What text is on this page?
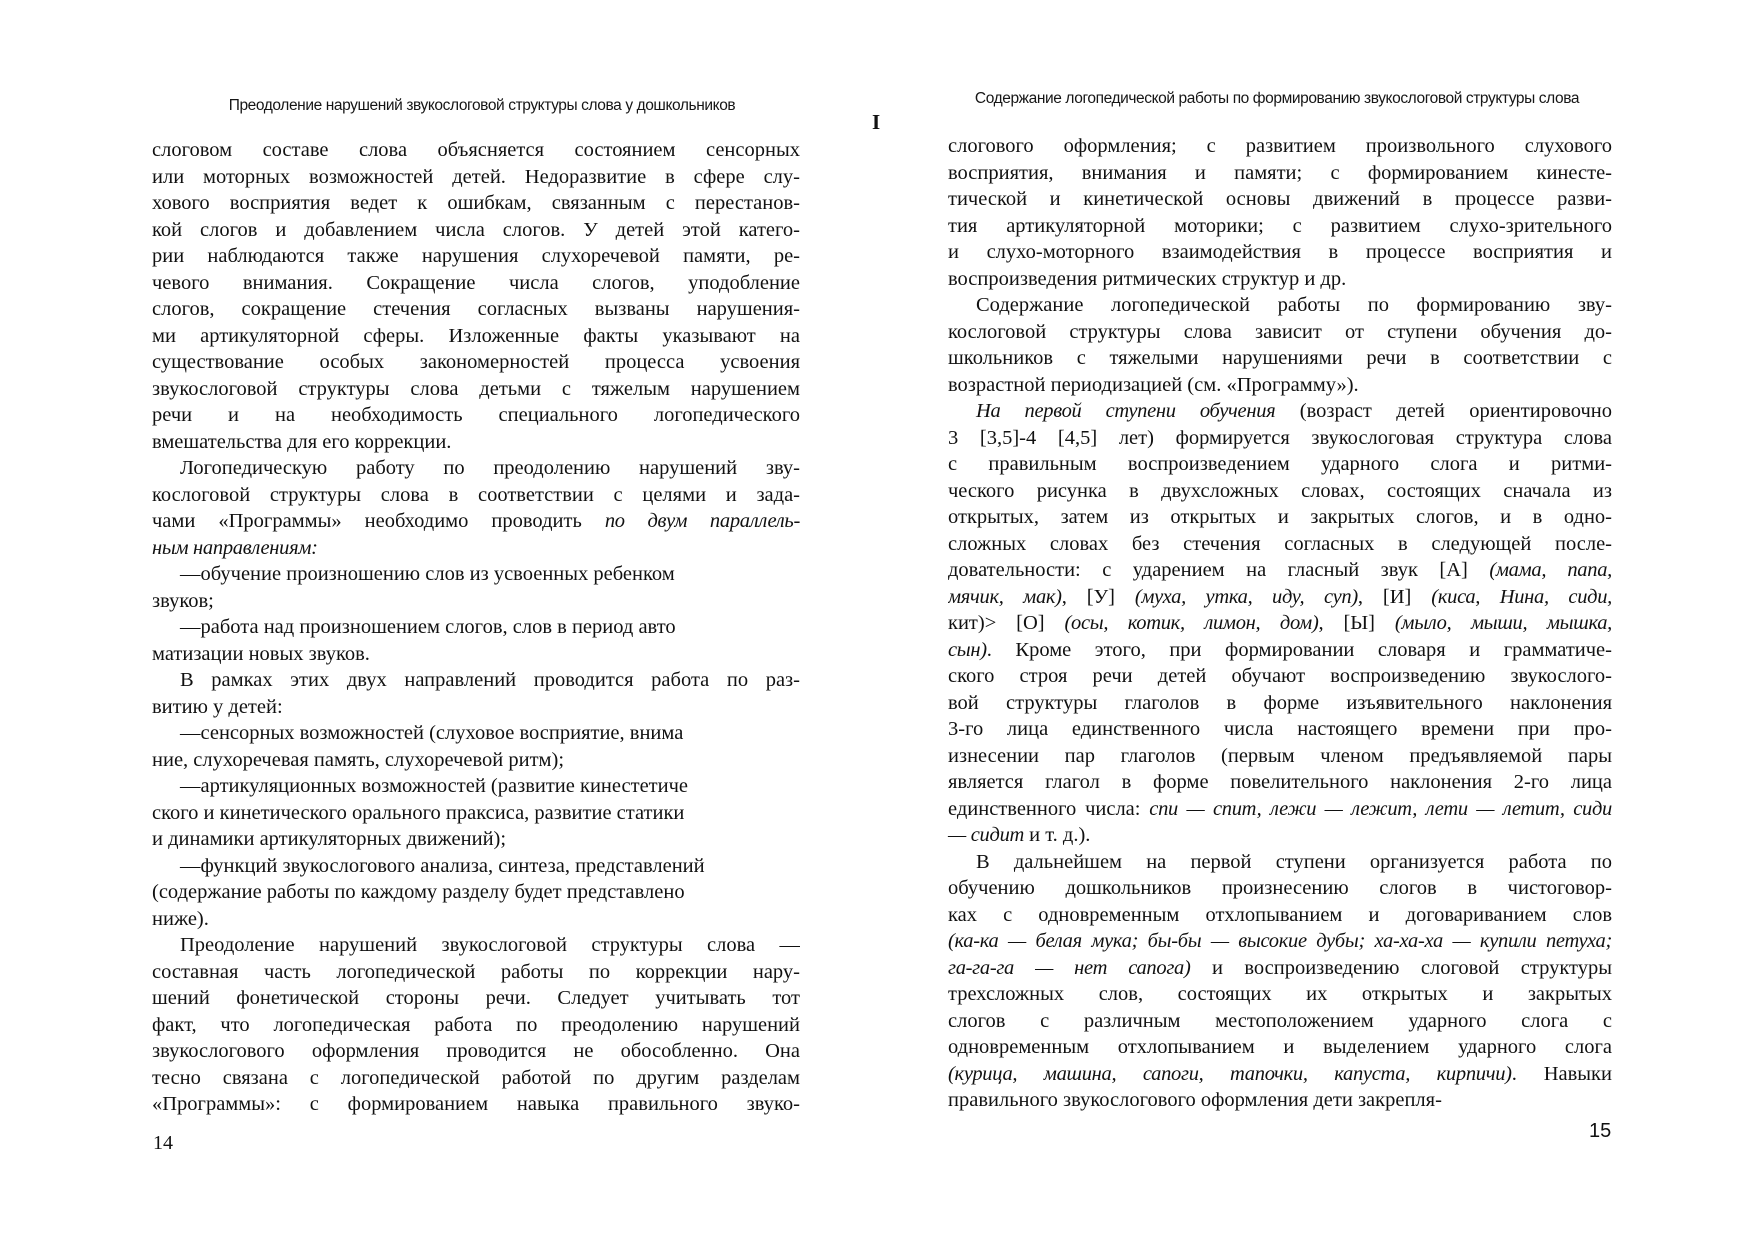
Преодоление нарушений звукослоговой структуры слова у дошкольников	Содержание логопедической работы по формированию звукослоговой структуры слова
I
слоговом составе слова объясняется состоянием сенсорных
или моторных возможностей детей. Недоразвитие в сфере слу-
хового восприятия ведет к ошибкам, связанным с перестанов-
кой слогов и добавлением числа слогов. У детей этой катего-
рии наблюдаются также нарушения слухоречевой памяти, ре-
чевого внимания. Сокращение числа слогов, уподобление
слогов, сокращение стечения согласных вызваны нарушения-
ми артикуляторной сферы. Изложенные факты указывают на
существование особых закономерностей процесса усвоения
звукослоговой структуры слова детьми с тяжелым нарушением
речи и на необходимость специального логопедического
вмешательства для его коррекции.
Логопедическую работу по преодолению нарушений зву-
кослоговой структуры слова в соответствии с целями и зада-
чами «Программы» необходимо проводить по двум параллель-
ным направлениям:
—обучение произношению слов из усвоенных ребенком
звуков;
—работа над произношением слогов, слов в период авто
матизации новых звуков.
В рамках этих двух направлений проводится работа по раз-
витию у детей:
—сенсорных возможностей (слуховое восприятие, внима
ние, слухоречевая память, слухоречевой ритм);
—артикуляционных возможностей (развитие кинестетиче
ского и кинетического орального праксиса, развитие статики
и динамики артикуляторных движений);
—функций звукослогового анализа, синтеза, представлений
(содержание работы по каждому разделу будет представлено
ниже).
Преодоление нарушений звукослоговой структуры слова —
составная часть логопедической работы по коррекции нару-
шений фонетической стороны речи. Следует учитывать тот
факт, что логопедическая работа по преодолению нарушений
звукослогового оформления проводится не обособленно. Она
тесно связана с логопедической работой по другим разделам
«Программы»: с формированием навыка правильного звуко-
слогового оформления; с развитием произвольного слухового
восприятия, внимания и памяти; с формированием кинесте-
тической и кинетической основы движений в процессе разви-
тия артикуляторной моторики; с развитием слухо-зрительного
и слухо-моторного взаимодействия в процессе восприятия и
воспроизведения ритмических структур и др.
Содержание логопедической работы по формированию зву-
кослоговой структуры слова зависит от ступени обучения до-
школьников с тяжелыми нарушениями речи в соответствии с
возрастной периодизацией (см. «Программу»).
На первой ступени обучения (возраст детей ориентировочно
3 [3,5]-4 [4,5] лет) формируется звукослоговая структура слова
с правильным воспроизведением ударного слога и ритми-
ческого рисунка в двухсложных словах, состоящих сначала из
открытых, затем из открытых и закрытых слогов, и в одно-
сложных словах без стечения согласных в следующей после-
довательности: с ударением на гласный звук [А] (мама, папа,
мячик, мак), [У] (муха, утка, иду, суп), [И] (киса, Нина, сиди,
кит)> [О] (осы, котик, лимон, дом), [Ы] (мыло, мыши, мышка,
сын). Кроме этого, при формировании словаря и грамматиче-
ского строя речи детей обучают воспроизведению звукослого-
вой структуры глаголов в форме изъявительного наклонения
3-го лица единственного числа настоящего времени при про-
изнесении пар глаголов (первым членом предъявляемой пары
является глагол в форме повелительного наклонения 2-го лица
единственного числа: спи — спит, лежи — лежит, лети — летит, сиди
— сидит и т. д.).
В дальнейшем на первой ступени организуется работа по
обучению дошкольников произнесению слогов в чистоговор-
ках с одновременным отхлопыванием и договариванием слов
(ка-ка — белая мука; бы-бы — высокие дубы; ха-ха-ха — купили петуха;
га-га-га — нет сапога) и воспроизведению слоговой структуры
трехсложных слов, состоящих их открытых и закрытых
слогов с различным местоположением ударного слога с
одновременным отхлопыванием и выделением ударного слога
(курица, машина, сапоги, тапочки, капуста, кирпичи). Навыки
правильного звукослогового оформления дети закрепля-
14
15
